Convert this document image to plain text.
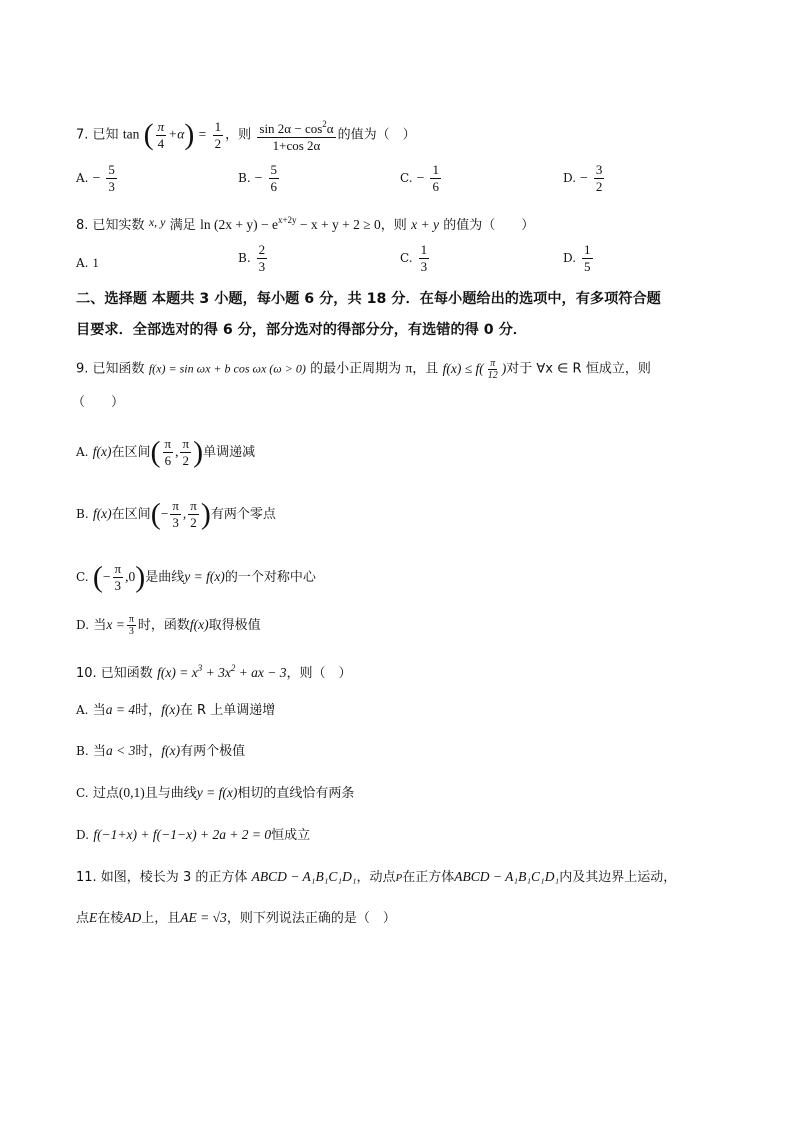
7. 已知 tan ( $\frac{\pi}{4} +\alpha) = \frac{1}{2}$ ，则 $\frac{\sin 2\alpha - \cos^2\alpha}{1+\cos 2\alpha}$ 的值为（　）
A. − $\frac{5}{3}$	B. − $\frac{5}{6}$	C. − $\frac{1}{6}$	D. − $\frac{3}{2}$
8. 已知实数 x, y 满足 $\ln (2x + y) - e^{x+2y} - x + y + 2 \ge 0$，则 x + y 的值为（　　）
A. 1	B. $\frac{2}{3}$	C. $\frac{1}{3}$	D. $\frac{1}{5}$
二、选择题 本题共 3 小题，每小题 6 分，共 18 分．在每小题给出的选项中，有多项符合题
目要求．全部选对的得 6 分，部分选对的得部分分，有选错的得 0 分．
9. 已知函数 f(x) = sin ωx + b cos ωx (ω > 0) 的最小正周期为 π，且 $f(x) \le f( \frac{\pi}{12}$ )对于 ∀x ∈ R 恒成立，则
（　　）
A. f(x)在区间( $\frac{\pi}{6}$ , $\frac{\pi}{2}$ )单调递减
B. f(x)在区间(− $\frac{\pi}{3}$ , $\frac{\pi}{2}$ )有两个零点
C. (− $\frac{\pi}{3} ,0$)是曲线y = f(x)的一个对称中心
D. 当$x = \frac{\pi}{3}$ 时，函数f(x)取得极值
10. 已知函数 $f(x) = x^3 + 3x^2$ + ax − 3，则（　）
A. 当a = 4时，f(x)在 R 上单调递增
B. 当a < 3时，f(x)有两个极值
C. 过点(0,1)且与曲线y = f(x)相切的直线恰有两条
D. f(−1+x) + f(−1−x) + 2a + 2 = 0恒成立
11. 如图，棱长为 3 的正方体 ABCD − A₁B₁C₁D₁，动点P在正方体ABCD − A₁B₁C₁D₁内及其边界上运动，
点E在棱AD上，且AE = √3，则下列说法正确的是（　）
